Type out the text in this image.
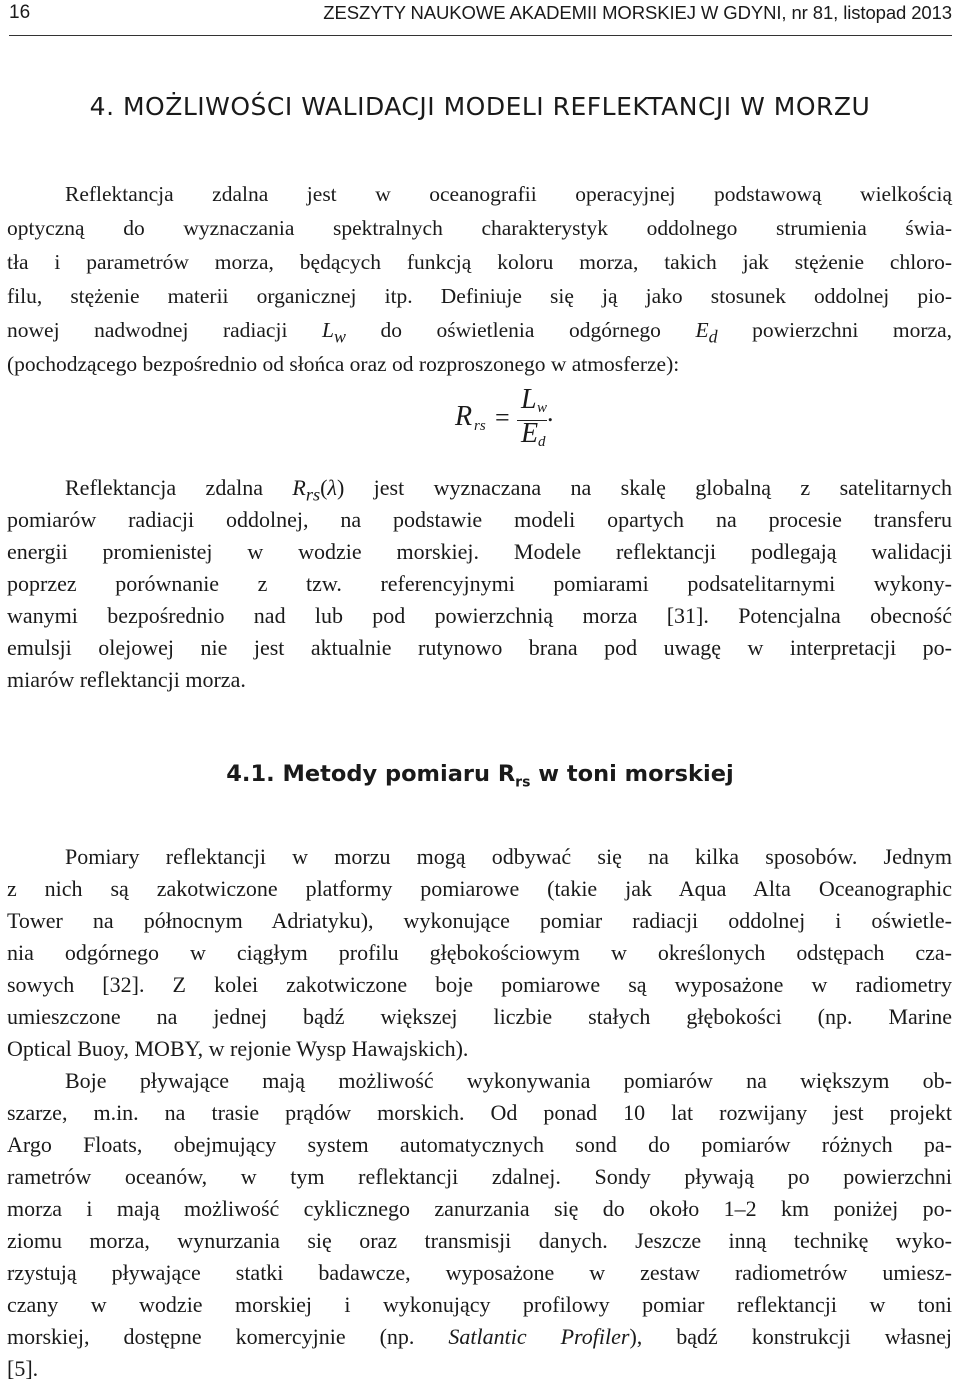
16	ZESZYTY NAUKOWE AKADEMII MORSKIEJ W GDYNI, nr 81, listopad 2013
4. MOŻLIWOŚCI WALIDACJI MODELI REFLEKTANCJI W MORZU
Reflektancja zdalna jest w oceanografii operacyjnej podstawową wielkością
optyczną do wyznaczania spektralnych charakterystyk oddolnego strumienia świa-
tła i parametrów morza, będących funkcją koloru morza, takich jak stężenie chloro-
filu, stężenie materii organicznej itp. Definiuje się ją jako stosunek oddolnej pio-
nowej nadwodnej radiacji $L_w$ do oświetlenia odgórnego $E_d$ powierzchni morza,
(pochodzącego bezpośrednio od słońca oraz od rozproszonego w atmosferze):
R rs =
L w
E d
.
Reflektancja zdalna $R_{rs}(\lambda)$ jest wyznaczana na skalę globalną z satelitarnych
pomiarów radiacji oddolnej, na podstawie modeli opartych na procesie transferu
energii promienistej w wodzie morskiej. Modele reflektancji podlegają walidacji
poprzez porównanie z tzw. referencyjnymi pomiarami podsatelitarnymi wykony-
wanymi bezpośrednio nad lub pod powierzchnią morza [31]. Potencjalna obecność
emulsji olejowej nie jest aktualnie rutynowo brana pod uwagę w interpretacji po-
miarów reflektancji morza.
4.1. Metody pomiaru $R_{rs}$ w toni morskiej
Pomiary reflektancji w morzu mogą odbywać się na kilka sposobów. Jednym
z nich są zakotwiczone platformy pomiarowe (takie jak Aqua Alta Oceanographic
Tower na północnym Adriatyku), wykonujące pomiar radiacji oddolnej i oświetle-
nia odgórnego w ciągłym profilu głębokościowym w określonych odstępach cza-
sowych [32]. Z kolei zakotwiczone boje pomiarowe są wyposażone w radiometry
umieszczone na jednej bądź większej liczbie stałych głębokości (np. Marine
Optical Buoy, MOBY, w rejonie Wysp Hawajskich).
Boje pływające mają możliwość wykonywania pomiarów na większym ob-
szarze, m.in. na trasie prądów morskich. Od ponad 10 lat rozwijany jest projekt
Argo Floats, obejmujący system automatycznych sond do pomiarów różnych pa-
rametrów oceanów, w tym reflektancji zdalnej. Sondy pływają po powierzchni
morza i mają możliwość cyklicznego zanurzania się do około 1–2 km poniżej po-
ziomu morza, wynurzania się oraz transmisji danych. Jeszcze inną technikę wyko-
rzystują pływające statki badawcze, wyposażone w zestaw radiometrów umiesz-
czany w wodzie morskiej i wykonujący profilowy pomiar reflektancji w toni
morskiej, dostępne komercyjnie (np. Satlantic Profiler), bądź konstrukcji własnej
[5].
